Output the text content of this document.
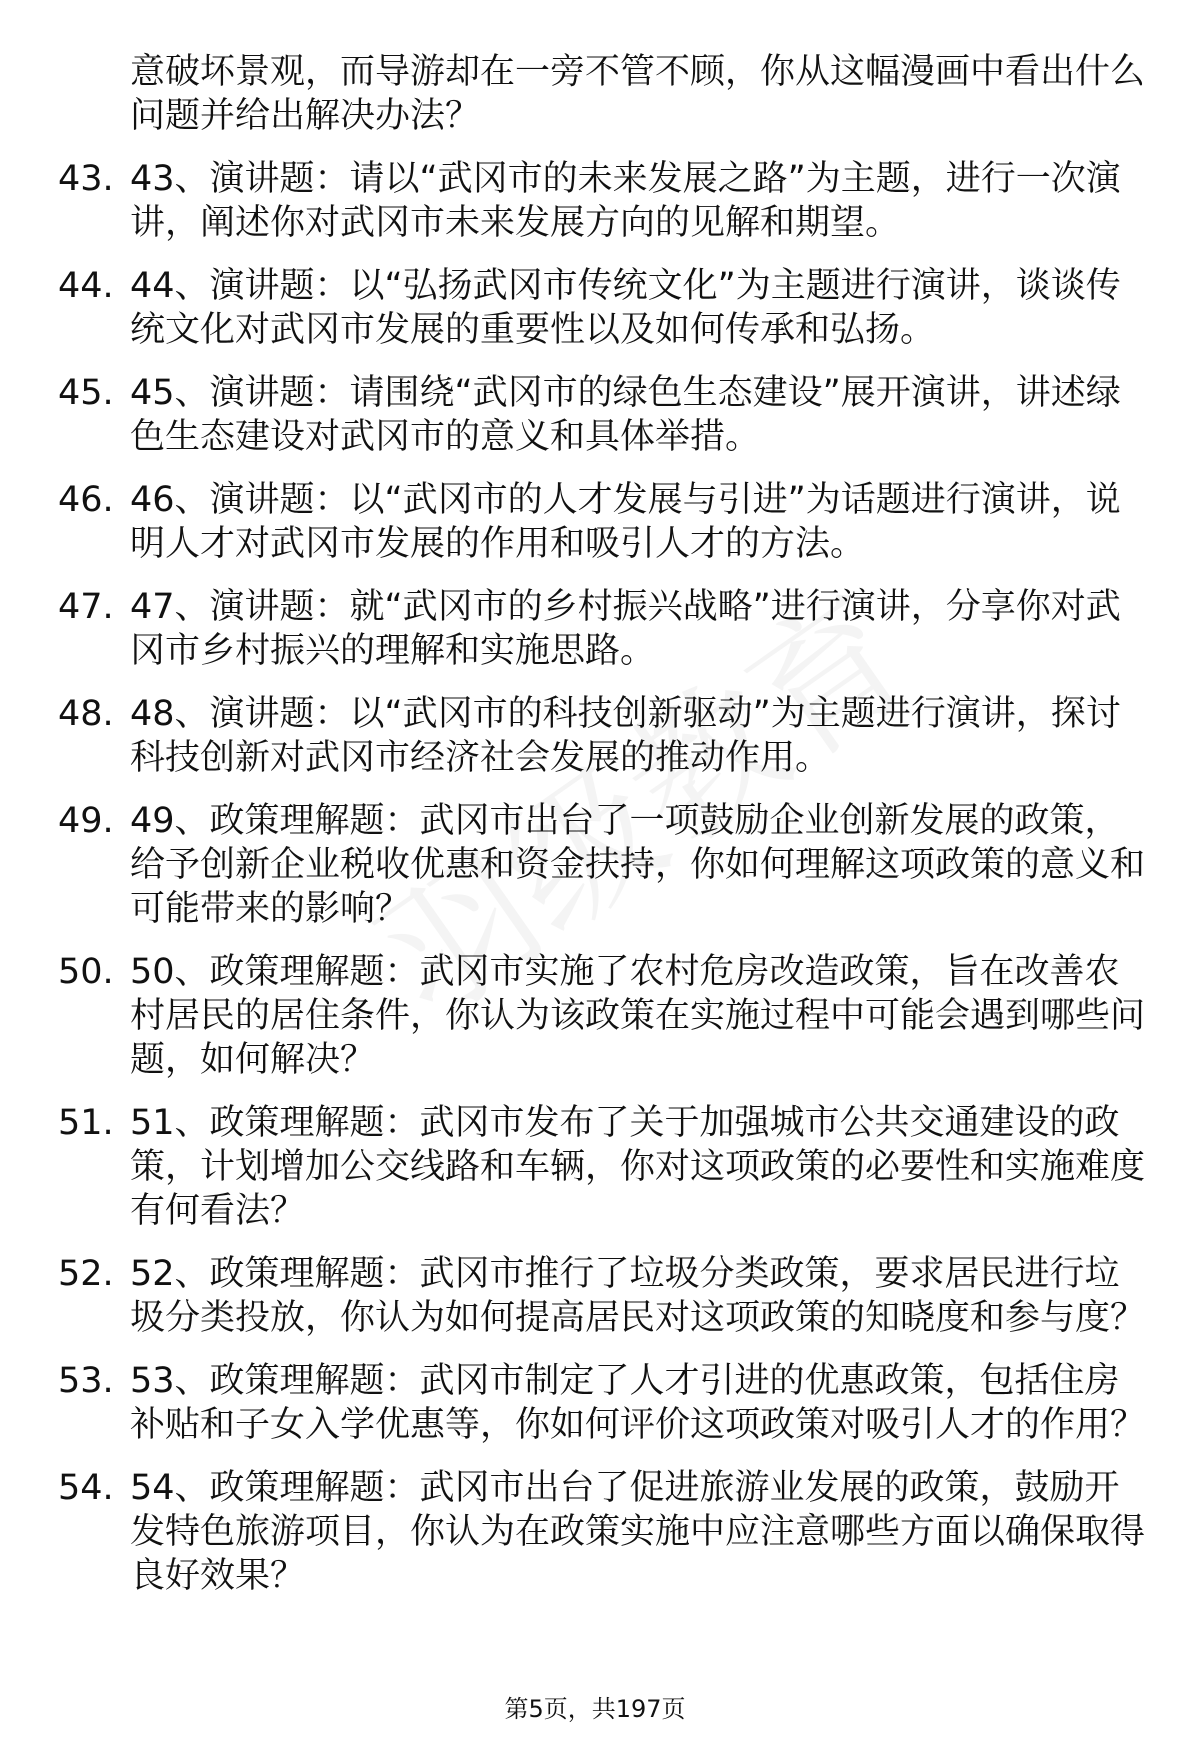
意破坏景观，而导游却在一旁不管不顾，你从这幅漫画中看出什么问题并给出解决办法？
43. 43、演讲题：请以“武冈市的未来发展之路”为主题，进行一次演讲，阐述你对武冈市未来发展方向的见解和期望。
44. 44、演讲题：以“弘扬武冈市传统文化”为主题进行演讲，谈谈传统文化对武冈市发展的重要性以及如何传承和弘扬。
45. 45、演讲题：请围绕“武冈市的绿色生态建设”展开演讲，讲述绿色生态建设对武冈市的意义和具体举措。
46. 46、演讲题：以“武冈市的人才发展与引进”为话题进行演讲，说明人才对武冈市发展的作用和吸引人才的方法。
47. 47、演讲题：就“武冈市的乡村振兴战略”进行演讲，分享你对武冈市乡村振兴的理解和实施思路。
48. 48、演讲题：以“武冈市的科技创新驱动”为主题进行演讲，探讨科技创新对武冈市经济社会发展的推动作用。
49. 49、政策理解题：武冈市出台了一项鼓励企业创新发展的政策，给予创新企业税收优惠和资金扶持，你如何理解这项政策的意义和可能带来的影响？
50. 50、政策理解题：武冈市实施了农村危房改造政策，旨在改善农村居民的居住条件，你认为该政策在实施过程中可能会遇到哪些问题，如何解决？
51. 51、政策理解题：武冈市发布了关于加强城市公共交通建设的政策，计划增加公交线路和车辆，你对这项政策的必要性和实施难度有何看法？
52. 52、政策理解题：武冈市推行了垃圾分类政策，要求居民进行垃圾分类投放，你认为如何提高居民对这项政策的知晓度和参与度？
53. 53、政策理解题：武冈市制定了人才引进的优惠政策，包括住房补贴和子女入学优惠等，你如何评价这项政策对吸引人才的作用？
54. 54、政策理解题：武冈市出台了促进旅游业发展的政策，鼓励开发特色旅游项目，你认为在政策实施中应注意哪些方面以确保取得良好效果？
第5页，共197页
